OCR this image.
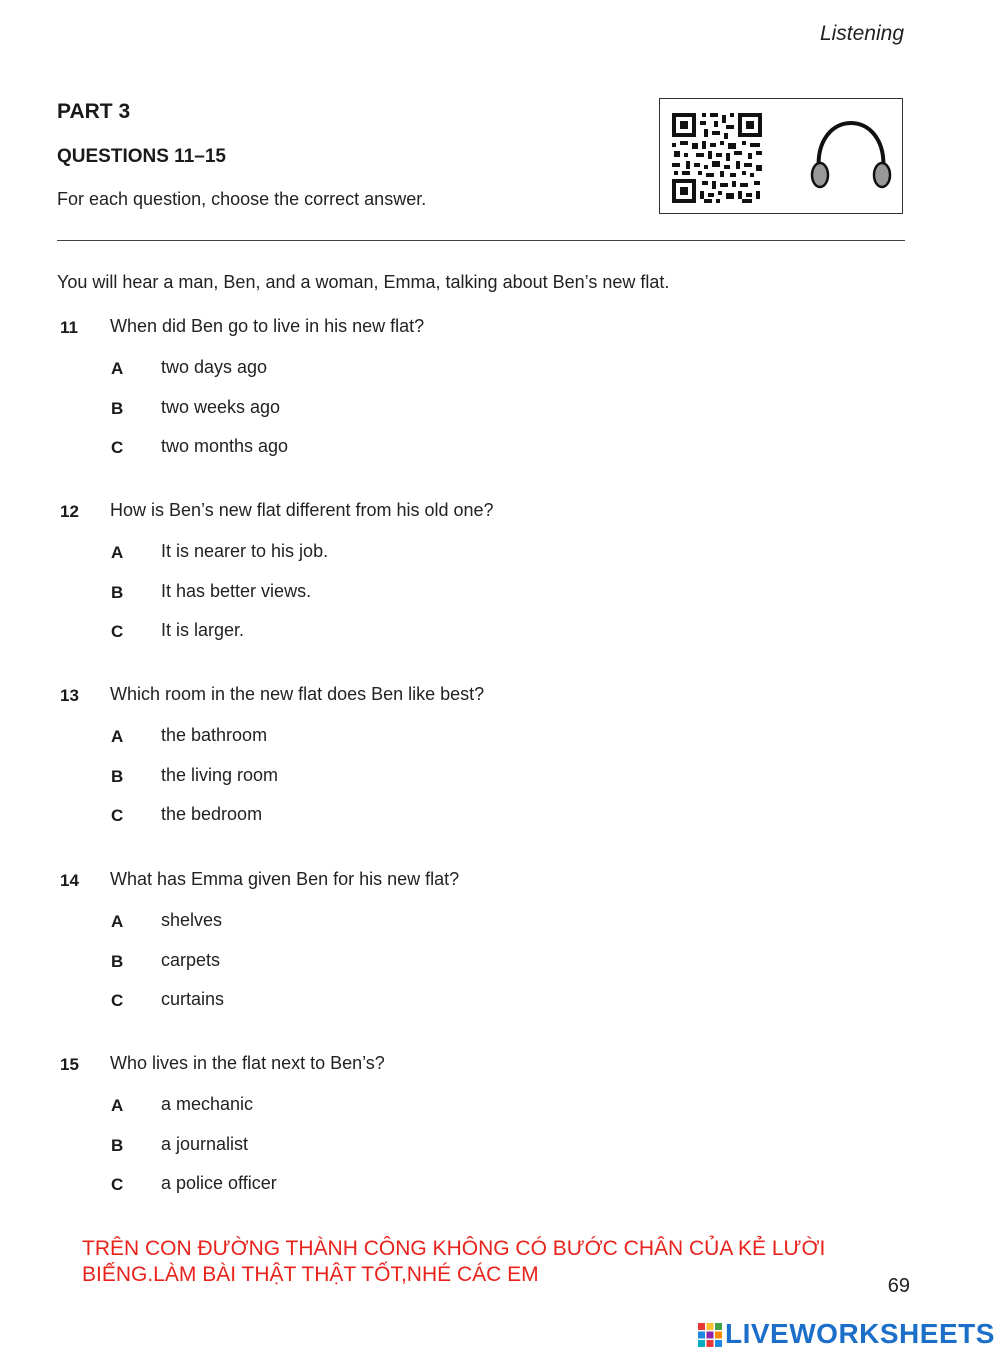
Listening
PART 3
QUESTIONS 11–15
For each question, choose the correct answer.
You will hear a man, Ben, and a woman, Emma, talking about Ben’s new flat.
11 When did Ben go to live in his new flat?
A two days ago
B two weeks ago
C two months ago
12 How is Ben’s new flat different from his old one?
A It is nearer to his job.
B It has better views.
C It is larger.
13 Which room in the new flat does Ben like best?
A the bathroom
B the living room
C the bedroom
14 What has Emma given Ben for his new flat?
A shelves
B carpets
C curtains
15 Who lives in the flat next to Ben’s?
A a mechanic
B a journalist
C a police officer
TRÊN CON ĐƯỜNG THÀNH CÔNG KHÔNG CÓ BƯỚC CHÂN CỦA KẺ LƯỜI
BIẾNG.LÀM BÀI THẬT THẬT TỐT,NHÉ CÁC EM	69
LIVEWORKSHEETS
